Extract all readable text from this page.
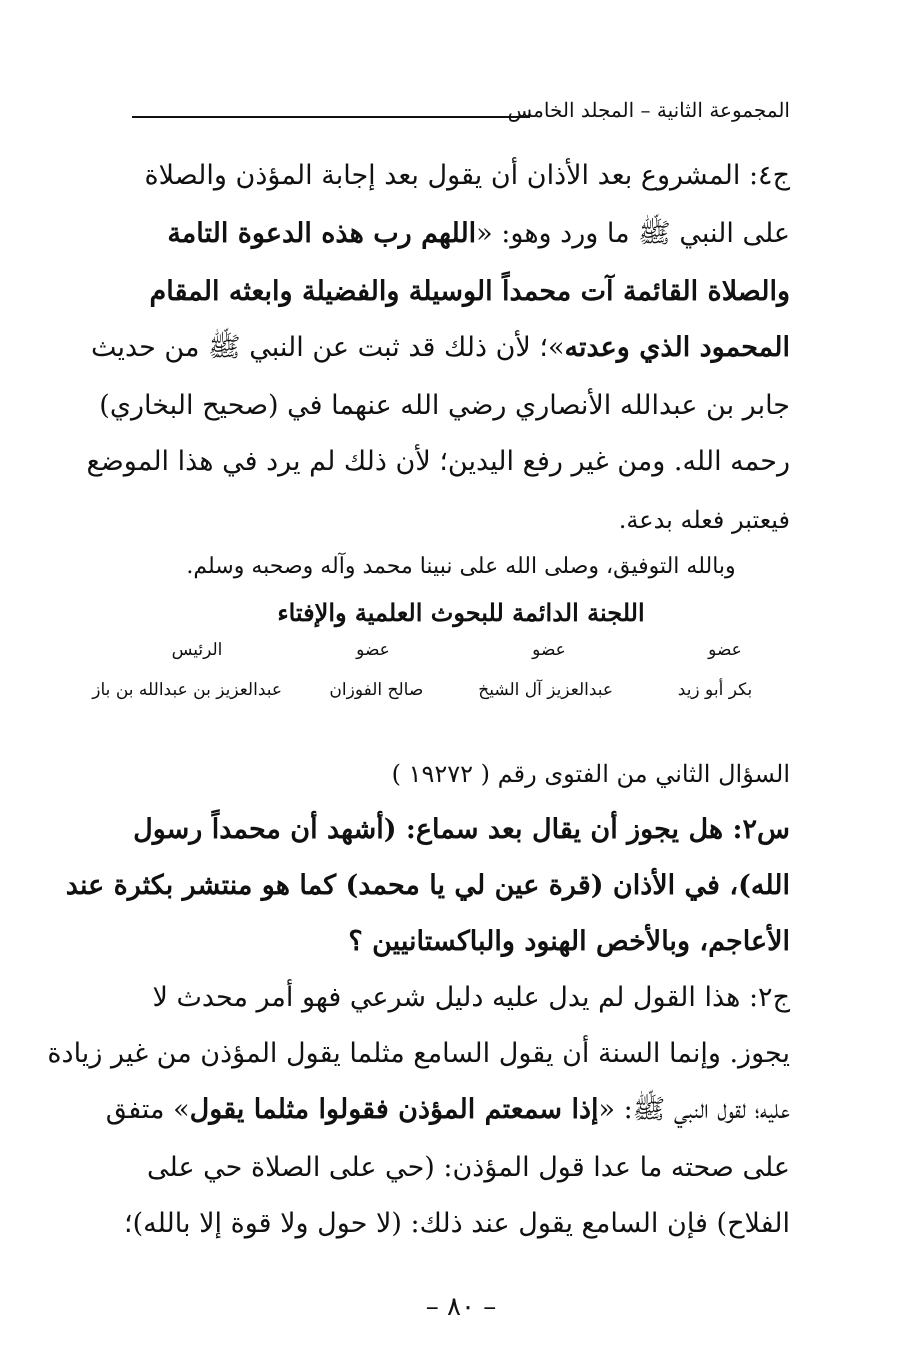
المجموعة الثانية – المجلد الخامس
ج٤: المشروع بعد الأذان أن يقول بعد إجابة المؤذن والصلاة
على النبي ﷺ ما ورد وهو: «اللهم رب هذه الدعوة التامة
والصلاة القائمة آت محمداً الوسيلة والفضيلة وابعثه المقام
المحمود الذي وعدته»؛ لأن ذلك قد ثبت عن النبي ﷺ من حديث
جابر بن عبدالله الأنصاري رضي الله عنهما في (صحيح البخاري)
رحمه الله. ومن غير رفع اليدين؛ لأن ذلك لم يرد في هذا الموضع
فيعتبر فعله بدعة.
وبالله التوفيق، وصلى الله على نبينا محمد وآله وصحبه وسلم.
اللجنة الدائمة للبحوث العلمية والإفتاء
عضو
عضو
عضو
الرئيس
بكر أبو زيد
عبدالعزيز آل الشيخ
صالح الفوزان
عبدالعزيز بن عبدالله بن باز
السؤال الثاني من الفتوى رقم ( ١٩٢٧٢ )
س٢: هل يجوز أن يقال بعد سماع: (أشهد أن محمداً رسول
الله)، في الأذان (قرة عين لي يا محمد) كما هو منتشر بكثرة عند
الأعاجم، وبالأخص الهنود والباكستانيين ؟
ج٢: هذا القول لم يدل عليه دليل شرعي فهو أمر محدث لا
يجوز. وإنما السنة أن يقول السامع مثلما يقول المؤذن من غير زيادة
عليه؛ لقول النبي ﷺ: «إذا سمعتم المؤذن فقولوا مثلما يقول» متفق
على صحته ما عدا قول المؤذن: (حي على الصلاة حي على
الفلاح) فإن السامع يقول عند ذلك: (لا حول ولا قوة إلا بالله)؛
– ٨٠ –
